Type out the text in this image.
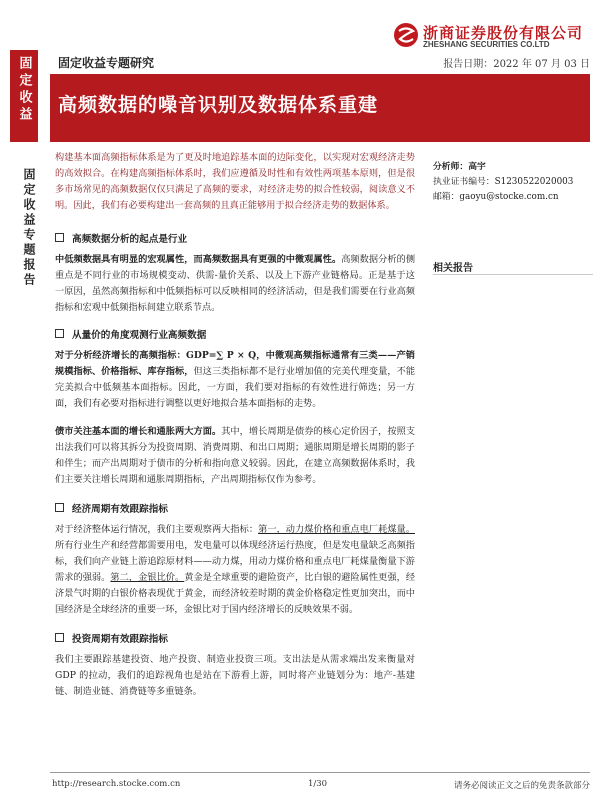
浙商证券股份有限公司
ZHESHANG SECURITIES CO.LTD
固定收益 固定收益专题研究	报告日期：2022 年 07 月 03 日
高频数据的噪音识别及数据体系重建
固定收益专题报告

构建基本面高频指标体系是为了更及时地追踪基本面的边际变化，以实现对宏观经济走势的高效拟合。在构建高频指标体系时，我们应遵循及时性和有效性两项基本原则，但是很多市场常见的高频数据仅仅只满足了高频的要求，对经济走势的拟合性较弱，阅读意义不明。因此，我们有必要构建出一套高频的且真正能够用于拟合经济走势的数据体系。

高频数据分析的起点是行业

中低频数据具有明显的宏观属性，而高频数据具有更强的中微观属性。高频数据分析的侧重点是不同行业的市场规模变动、供需-量价关系、以及上下游产业链格局。正是基于这一原因，虽然高频指标和中低频指标可以反映相同的经济活动，但是我们需要在行业高频指标和宏观中低频指标间建立联系节点。

从量价的角度观测行业高频数据

对于分析经济增长的高频指标：GDP=∑ P × Q，中微观高频指标通常有三类——产销规模指标、价格指标、库存指标，但这三类指标都不是行业增加值的完美代理变量，不能完美拟合中低频基本面指标。因此，一方面，我们要对指标的有效性进行筛选；另一方面，我们有必要对指标进行调整以更好地拟合基本面指标的走势。

债市关注基本面的增长和通胀两大方面。其中，增长周期是债券的核心定价因子，按照支出法我们可以将其拆分为投资周期、消费周期、和出口周期；通胀周期是增长周期的影子和伴生；而产出周期对于债市的分析和指向意义较弱。因此，在建立高频数据体系时，我们主要关注增长周期和通胀周期指标，产出周期指标仅作为参考。

经济周期有效跟踪指标

对于经济整体运行情况，我们主要观察两大指标：第一，动力煤价格和重点电厂耗煤量。所有行业生产和经营都需要用电，发电量可以体现经济运行热度，但是发电量缺乏高频指标，我们向产业链上游追踪原材料——动力煤，用动力煤价格和重点电厂耗煤量衡量下游需求的强弱。第二，金银比价。黄金是全球重要的避险资产，比白银的避险属性更强，经济景气时期的白银价格表现优于黄金，而经济较差时期的黄金价格稳定性更加突出，而中国经济是全球经济的重要一环，金银比对于国内经济增长的反映效果不弱。

投资周期有效跟踪指标

我们主要跟踪基建投资、地产投资、制造业投资三项。支出法是从需求端出发来衡量对 GDP 的拉动，我们的追踪视角也是站在下游看上游，同时将产业链划分为：地产-基建链、制造业链、消费链等多重链条。

分析师：高宇
执业证书编号：S1230522020003
邮箱：gaoyu@stocke.com.cn
相关报告
http://research.stocke.com.cn	1/30	请务必阅读正文之后的免责条款部分
